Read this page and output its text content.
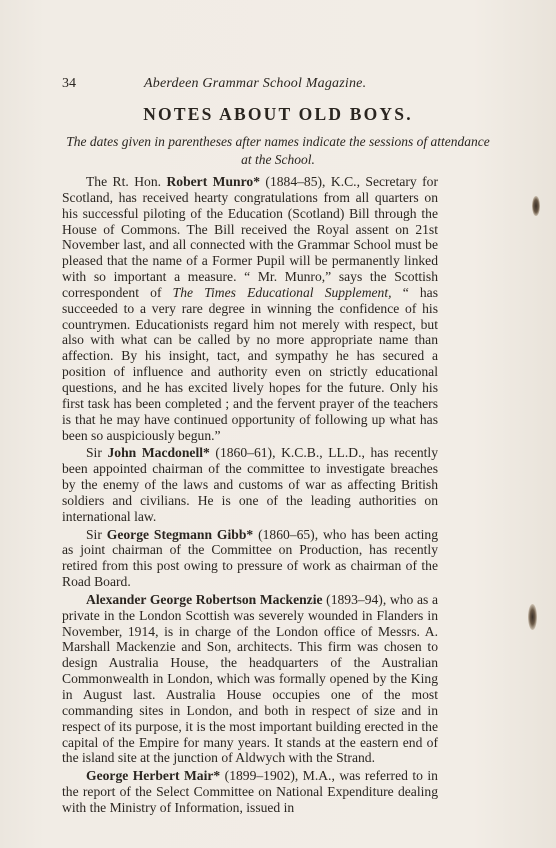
34	Aberdeen Grammar School Magazine.
NOTES ABOUT OLD BOYS.
The dates given in parentheses after names indicate the sessions of attendance at the School.

The Rt. Hon. Robert Munro* (1884–85), K.C., Secretary for Scotland, has received hearty congratulations from all quarters on his successful piloting of the Education (Scotland) Bill through the House of Commons. The Bill received the Royal assent on 21st November last, and all connected with the Grammar School must be pleased that the name of a Former Pupil will be permanently linked with so important a measure. “ Mr. Munro,” says the Scottish correspondent of The Times Educational Supplement, “ has succeeded to a very rare degree in winning the confidence of his countrymen. Educationists regard him not merely with respect, but also with what can be called by no more appropriate name than affection. By his insight, tact, and sympathy he has secured a position of influence and authority even on strictly educational questions, and he has excited lively hopes for the future. Only his first task has been completed ; and the fervent prayer of the teachers is that he may have continued opportunity of following up what has been so auspiciously begun.”

Sir John Macdonell* (1860–61), K.C.B., LL.D., has recently been appointed chairman of the committee to investigate breaches by the enemy of the laws and customs of war as affecting British soldiers and civilians. He is one of the leading authorities on international law.

Sir George Stegmann Gibb* (1860–65), who has been acting as joint chairman of the Committee on Production, has recently retired from this post owing to pressure of work as chairman of the Road Board.

Alexander George Robertson Mackenzie (1893–94), who as a private in the London Scottish was severely wounded in Flanders in November, 1914, is in charge of the London office of Messrs. A. Marshall Mackenzie and Son, architects. This firm was chosen to design Australia House, the headquarters of the Australian Commonwealth in London, which was formally opened by the King in August last. Australia House occupies one of the most commanding sites in London, and both in respect of size and in respect of its purpose, it is the most important building erected in the capital of the Empire for many years. It stands at the eastern end of the island site at the junction of Aldwych with the Strand.

George Herbert Mair* (1899–1902), M.A., was referred to in the report of the Select Committee on National Expenditure dealing with the Ministry of Information, issued in
